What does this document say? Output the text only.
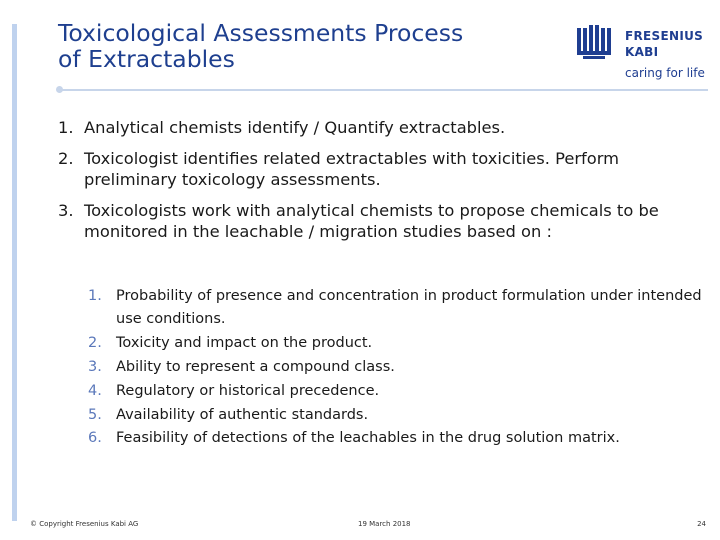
Toxicological Assessments Process
of Extractables
FRESENIUS
KABI
caring for life
1. Analytical chemists identify / Quantify extractables.
2. Toxicologist identifies related extractables with toxicities. Perform preliminary toxicology assessments.
3. Toxicologists work with analytical chemists to propose chemicals to be monitored in the leachable / migration studies based on :
1. Probability of presence and concentration in product formulation under intended use conditions.
2. Toxicity and impact on the product.
3. Ability to represent a compound class.
4. Regulatory or historical precedence.
5. Availability of authentic standards.
6. Feasibility of detections of the leachables in the drug solution matrix.
© Copyright Fresenius Kabi AG	19 March 2018	24
